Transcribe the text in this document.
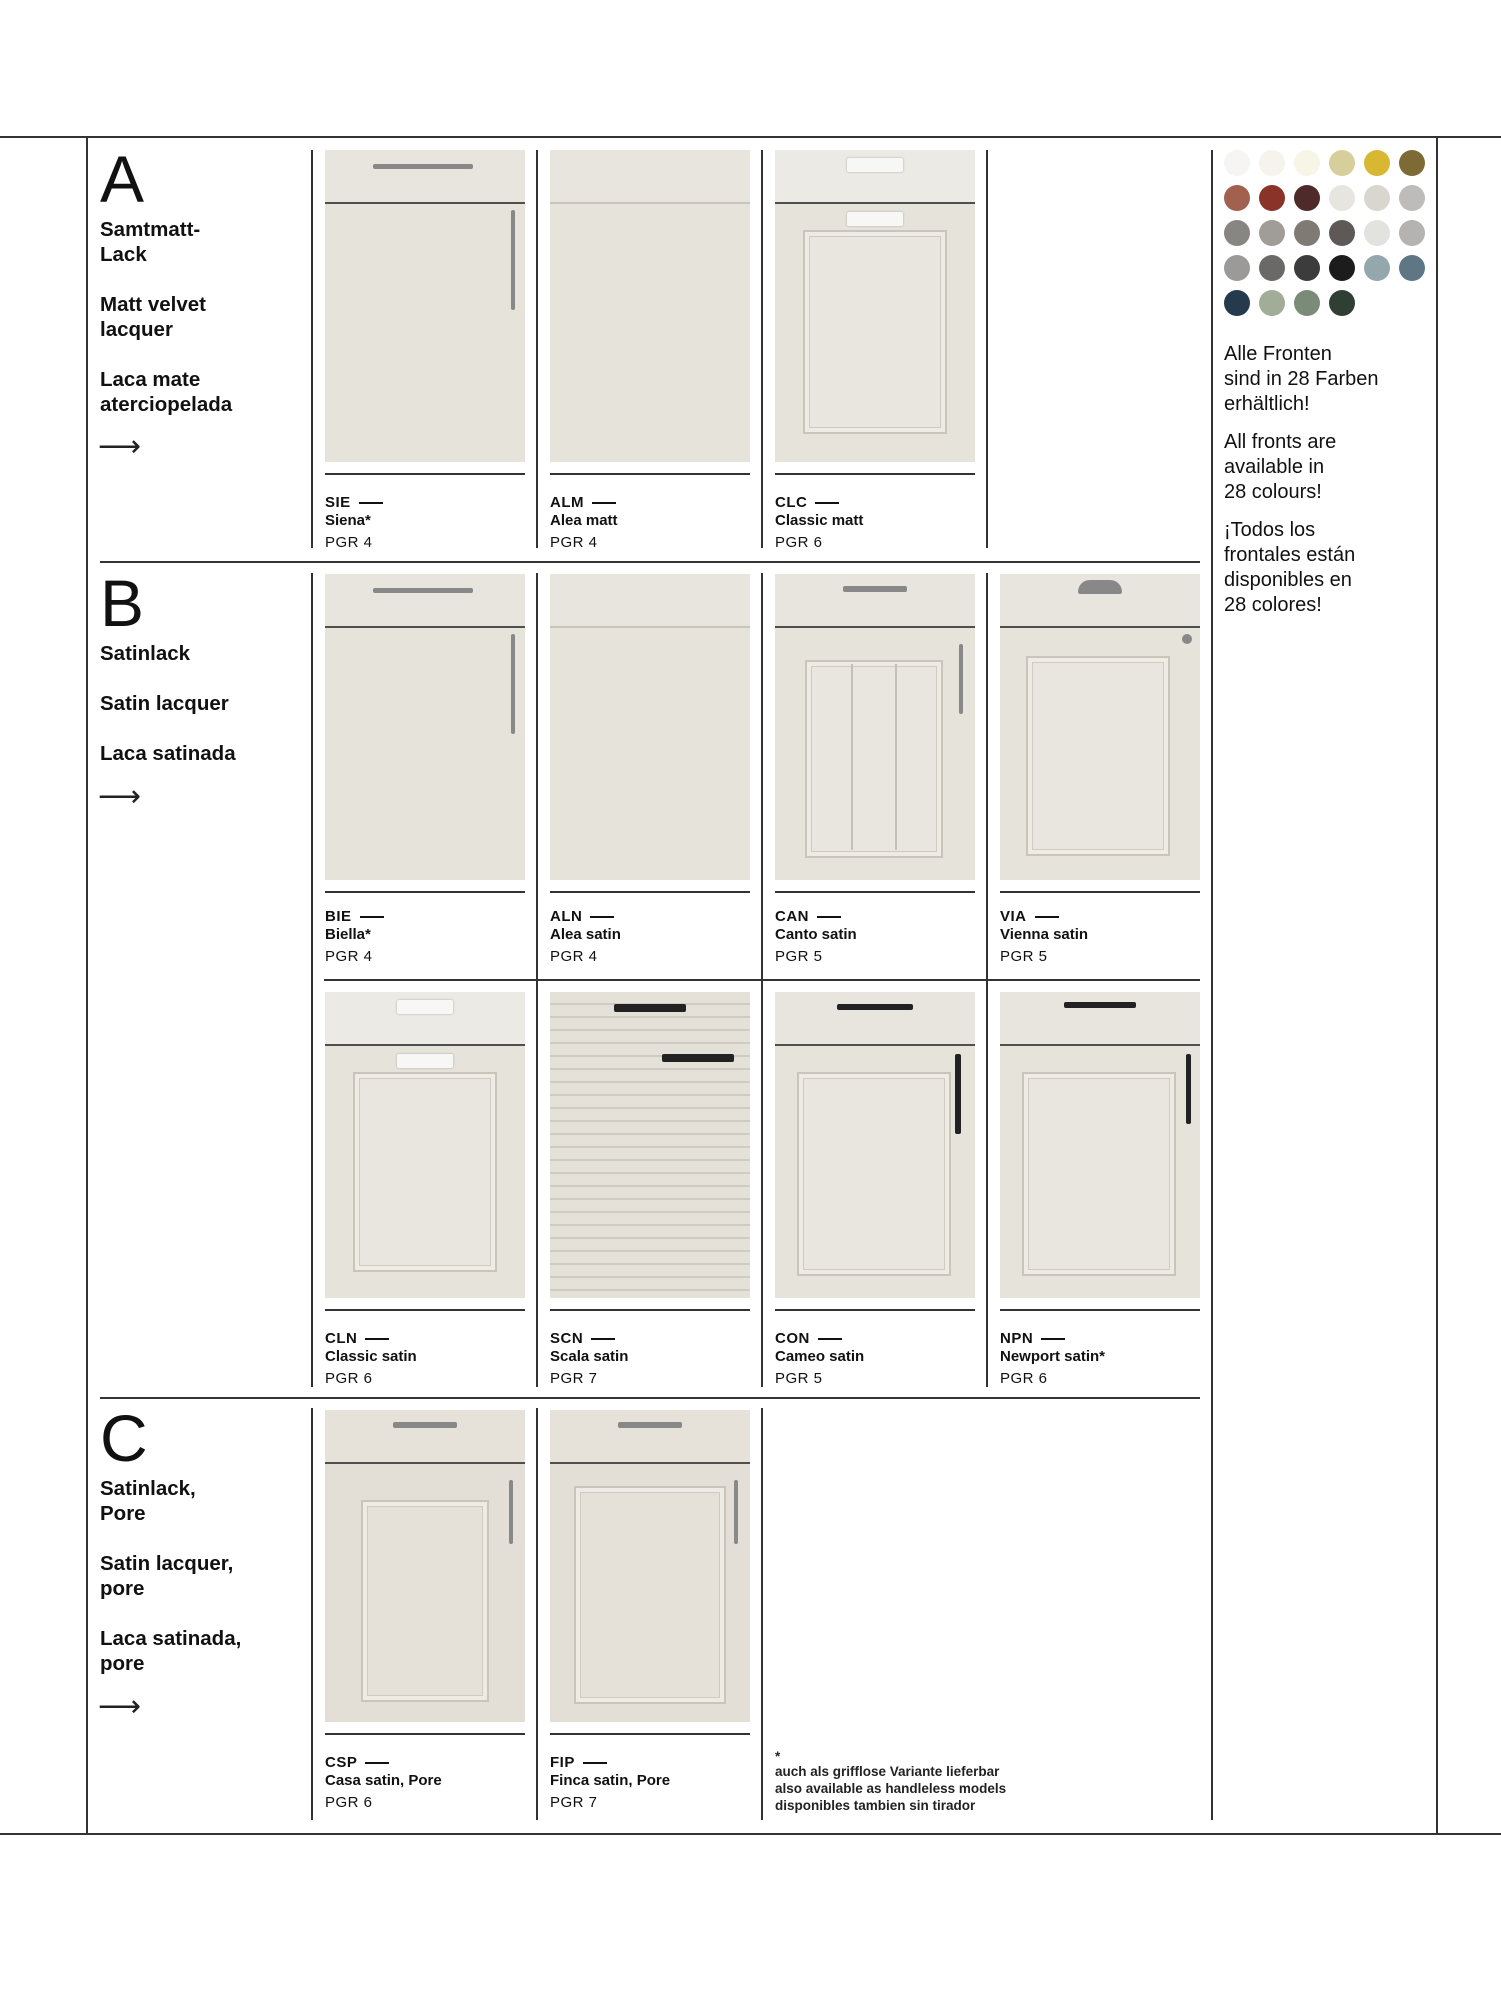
A
Samtmatt-
Lack
Matt velvet
lacquer
Laca mate
aterciopelada
⟶
B
Satinlack
Satin lacquer
Laca satinada
⟶
C
Satinlack,
Pore
Satin lacquer,
pore
Laca satinada,
pore
⟶
SIE
Siena*
PGR 4
ALM
Alea matt
PGR 4
CLC
Classic matt
PGR 6
BIE
Biella*
PGR 4
ALN
Alea satin
PGR 4
CAN
Canto satin
PGR 5
VIA
Vienna satin
PGR 5
CLN
Classic satin
PGR 6
SCN
Scala satin
PGR 7
CON
Cameo satin
PGR 5
NPN
Newport satin*
PGR 6
CSP
Casa satin, Pore
PGR 6
FIP
Finca satin, Pore
PGR 7
*
auch als grifflose Variante lieferbar
also available as handleless models
disponibles tambien sin tirador
Alle Fronten
sind in 28 Farben
erhältlich!
All fronts are
available in
28 colours!
¡Todos los
frontales están
disponibles en
28 colores!
